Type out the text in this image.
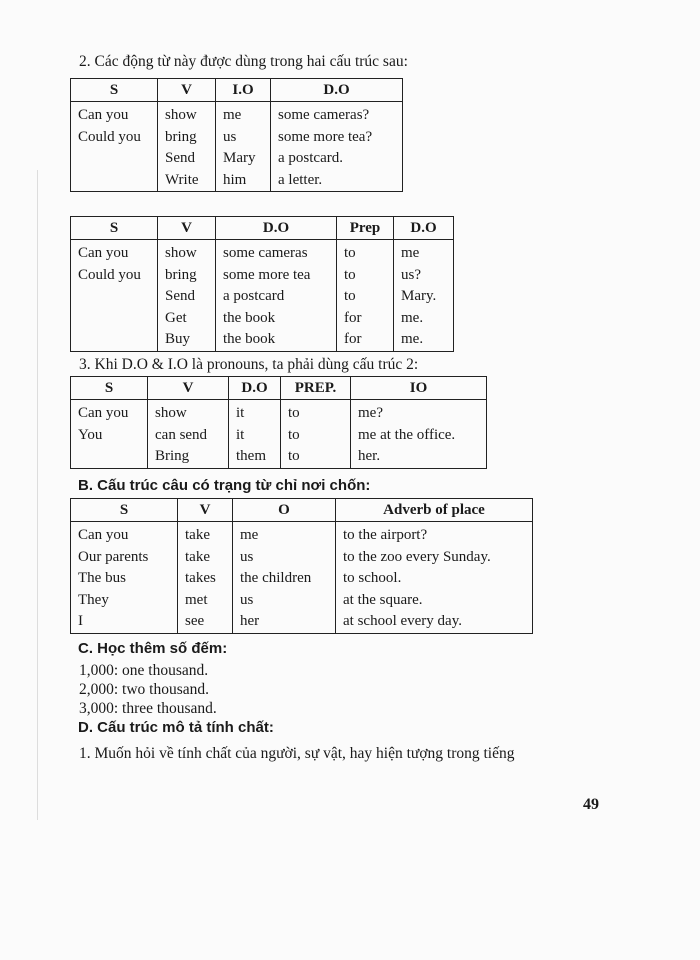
2. Các động từ này được dùng trong hai cấu trúc sau:
S	V	I.O	D.O
Can you	show	me	some cameras?
Could you	bring	us	some more tea?
	Send	Mary	a postcard.
	Write	him	a letter.
S	V	D.O	Prep	D.O
Can you	show	some cameras	to	me
Could you	bring	some more tea	to	us?
	Send	a postcard	to	Mary.
	Get	the book	for	me.
	Buy	the book	for	me.
3. Khi D.O & I.O là pronouns, ta phải dùng cấu trúc 2:
S	V	D.O	PREP.	IO
Can you	show	it	to	me?
You	can send	it	to	me at the office.
	Bring	them	to	her.
B. Cấu trúc câu có trạng từ chỉ nơi chốn:
S	V	O	Adverb of place
Can you	take	me	to the airport?
Our parents	take	us	to the zoo every Sunday.
The bus	takes	the children	to school.
They	met	us	at the square.
I	see	her	at school every day.
C. Học thêm số đếm:
1,000: one thousand.
2,000: two thousand.
3,000: three thousand.
D. Cấu trúc mô tả tính chất:
1. Muốn hỏi về tính chất của người, sự vật, hay hiện tượng trong tiếng
49
